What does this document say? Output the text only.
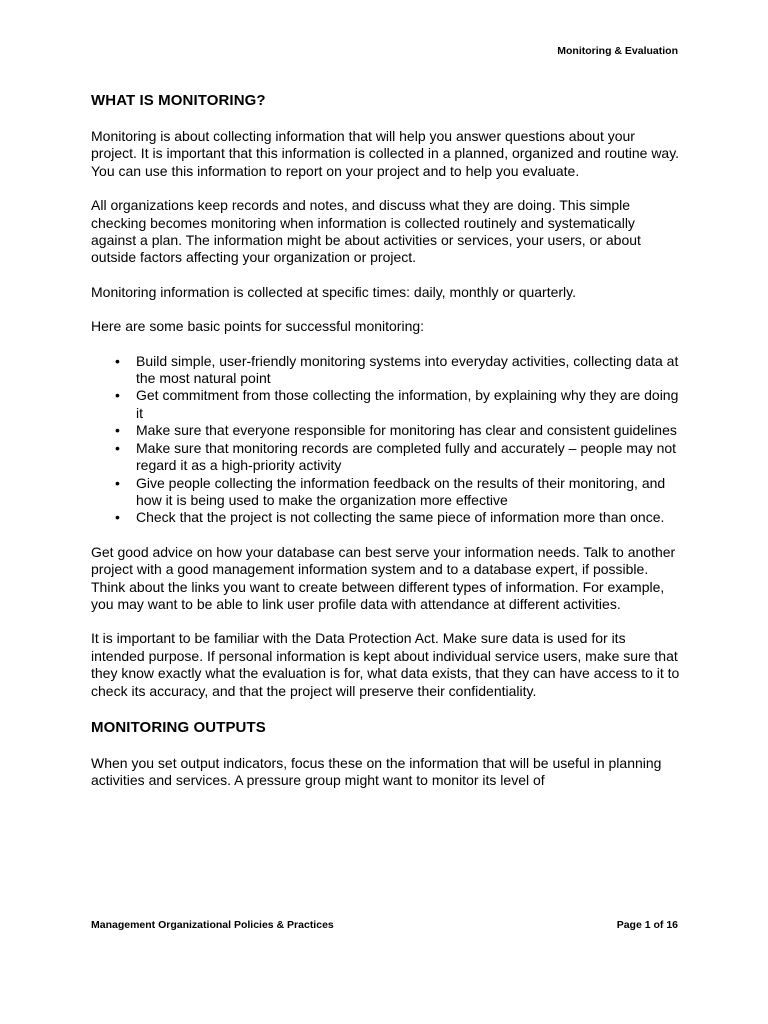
Monitoring & Evaluation
WHAT IS MONITORING?

Monitoring is about collecting information that will help you answer questions about your project. It is important that this information is collected in a planned, organized and routine way. You can use this information to report on your project and to help you evaluate.

All organizations keep records and notes, and discuss what they are doing. This simple checking becomes monitoring when information is collected routinely and systematically against a plan. The information might be about activities or services, your users, or about outside factors affecting your organization or project.

Monitoring information is collected at specific times: daily, monthly or quarterly.

Here are some basic points for successful monitoring:

• Build simple, user-friendly monitoring systems into everyday activities, collecting data at the most natural point
• Get commitment from those collecting the information, by explaining why they are doing it
• Make sure that everyone responsible for monitoring has clear and consistent guidelines
• Make sure that monitoring records are completed fully and accurately – people may not regard it as a high-priority activity
• Give people collecting the information feedback on the results of their monitoring, and how it is being used to make the organization more effective
• Check that the project is not collecting the same piece of information more than once.

Get good advice on how your database can best serve your information needs. Talk to another project with a good management information system and to a database expert, if possible. Think about the links you want to create between different types of information. For example, you may want to be able to link user profile data with attendance at different activities.

It is important to be familiar with the Data Protection Act. Make sure data is used for its intended purpose. If personal information is kept about individual service users, make sure that they know exactly what the evaluation is for, what data exists, that they can have access to it to check its accuracy, and that the project will preserve their confidentiality.

MONITORING OUTPUTS

When you set output indicators, focus these on the information that will be useful in planning activities and services. A pressure group might want to monitor its level of

Management Organizational Policies & Practices	Page 1 of 16
